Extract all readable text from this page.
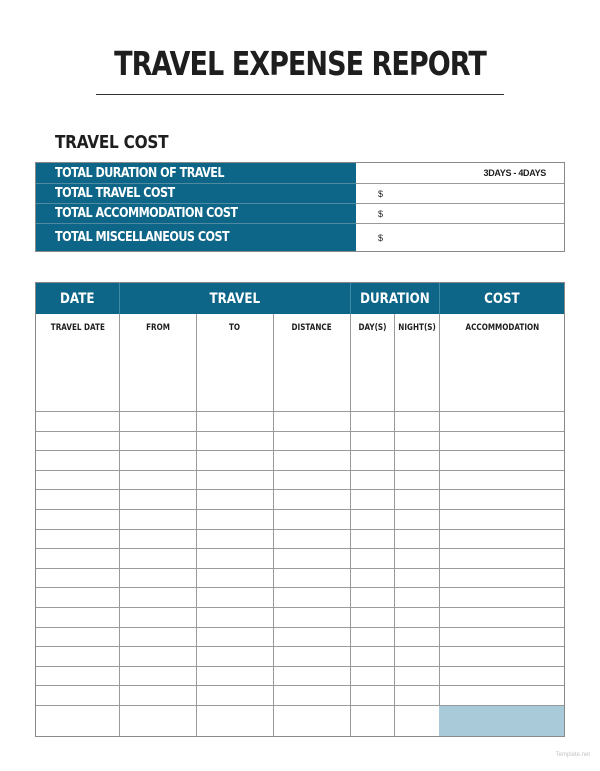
TRAVEL EXPENSE REPORT
TRAVEL COST
TOTAL DURATION OF TRAVEL	3DAYS - 4DAYS
TOTAL TRAVEL COST	$
TOTAL ACCOMMODATION COST	$
TOTAL MISCELLANEOUS COST	$
DATE	TRAVEL	DURATION	COST
TRAVEL DATE	FROM	TO	DISTANCE	DAY(S)	NIGHT(S)	ACCOMMODATION
Template.net
